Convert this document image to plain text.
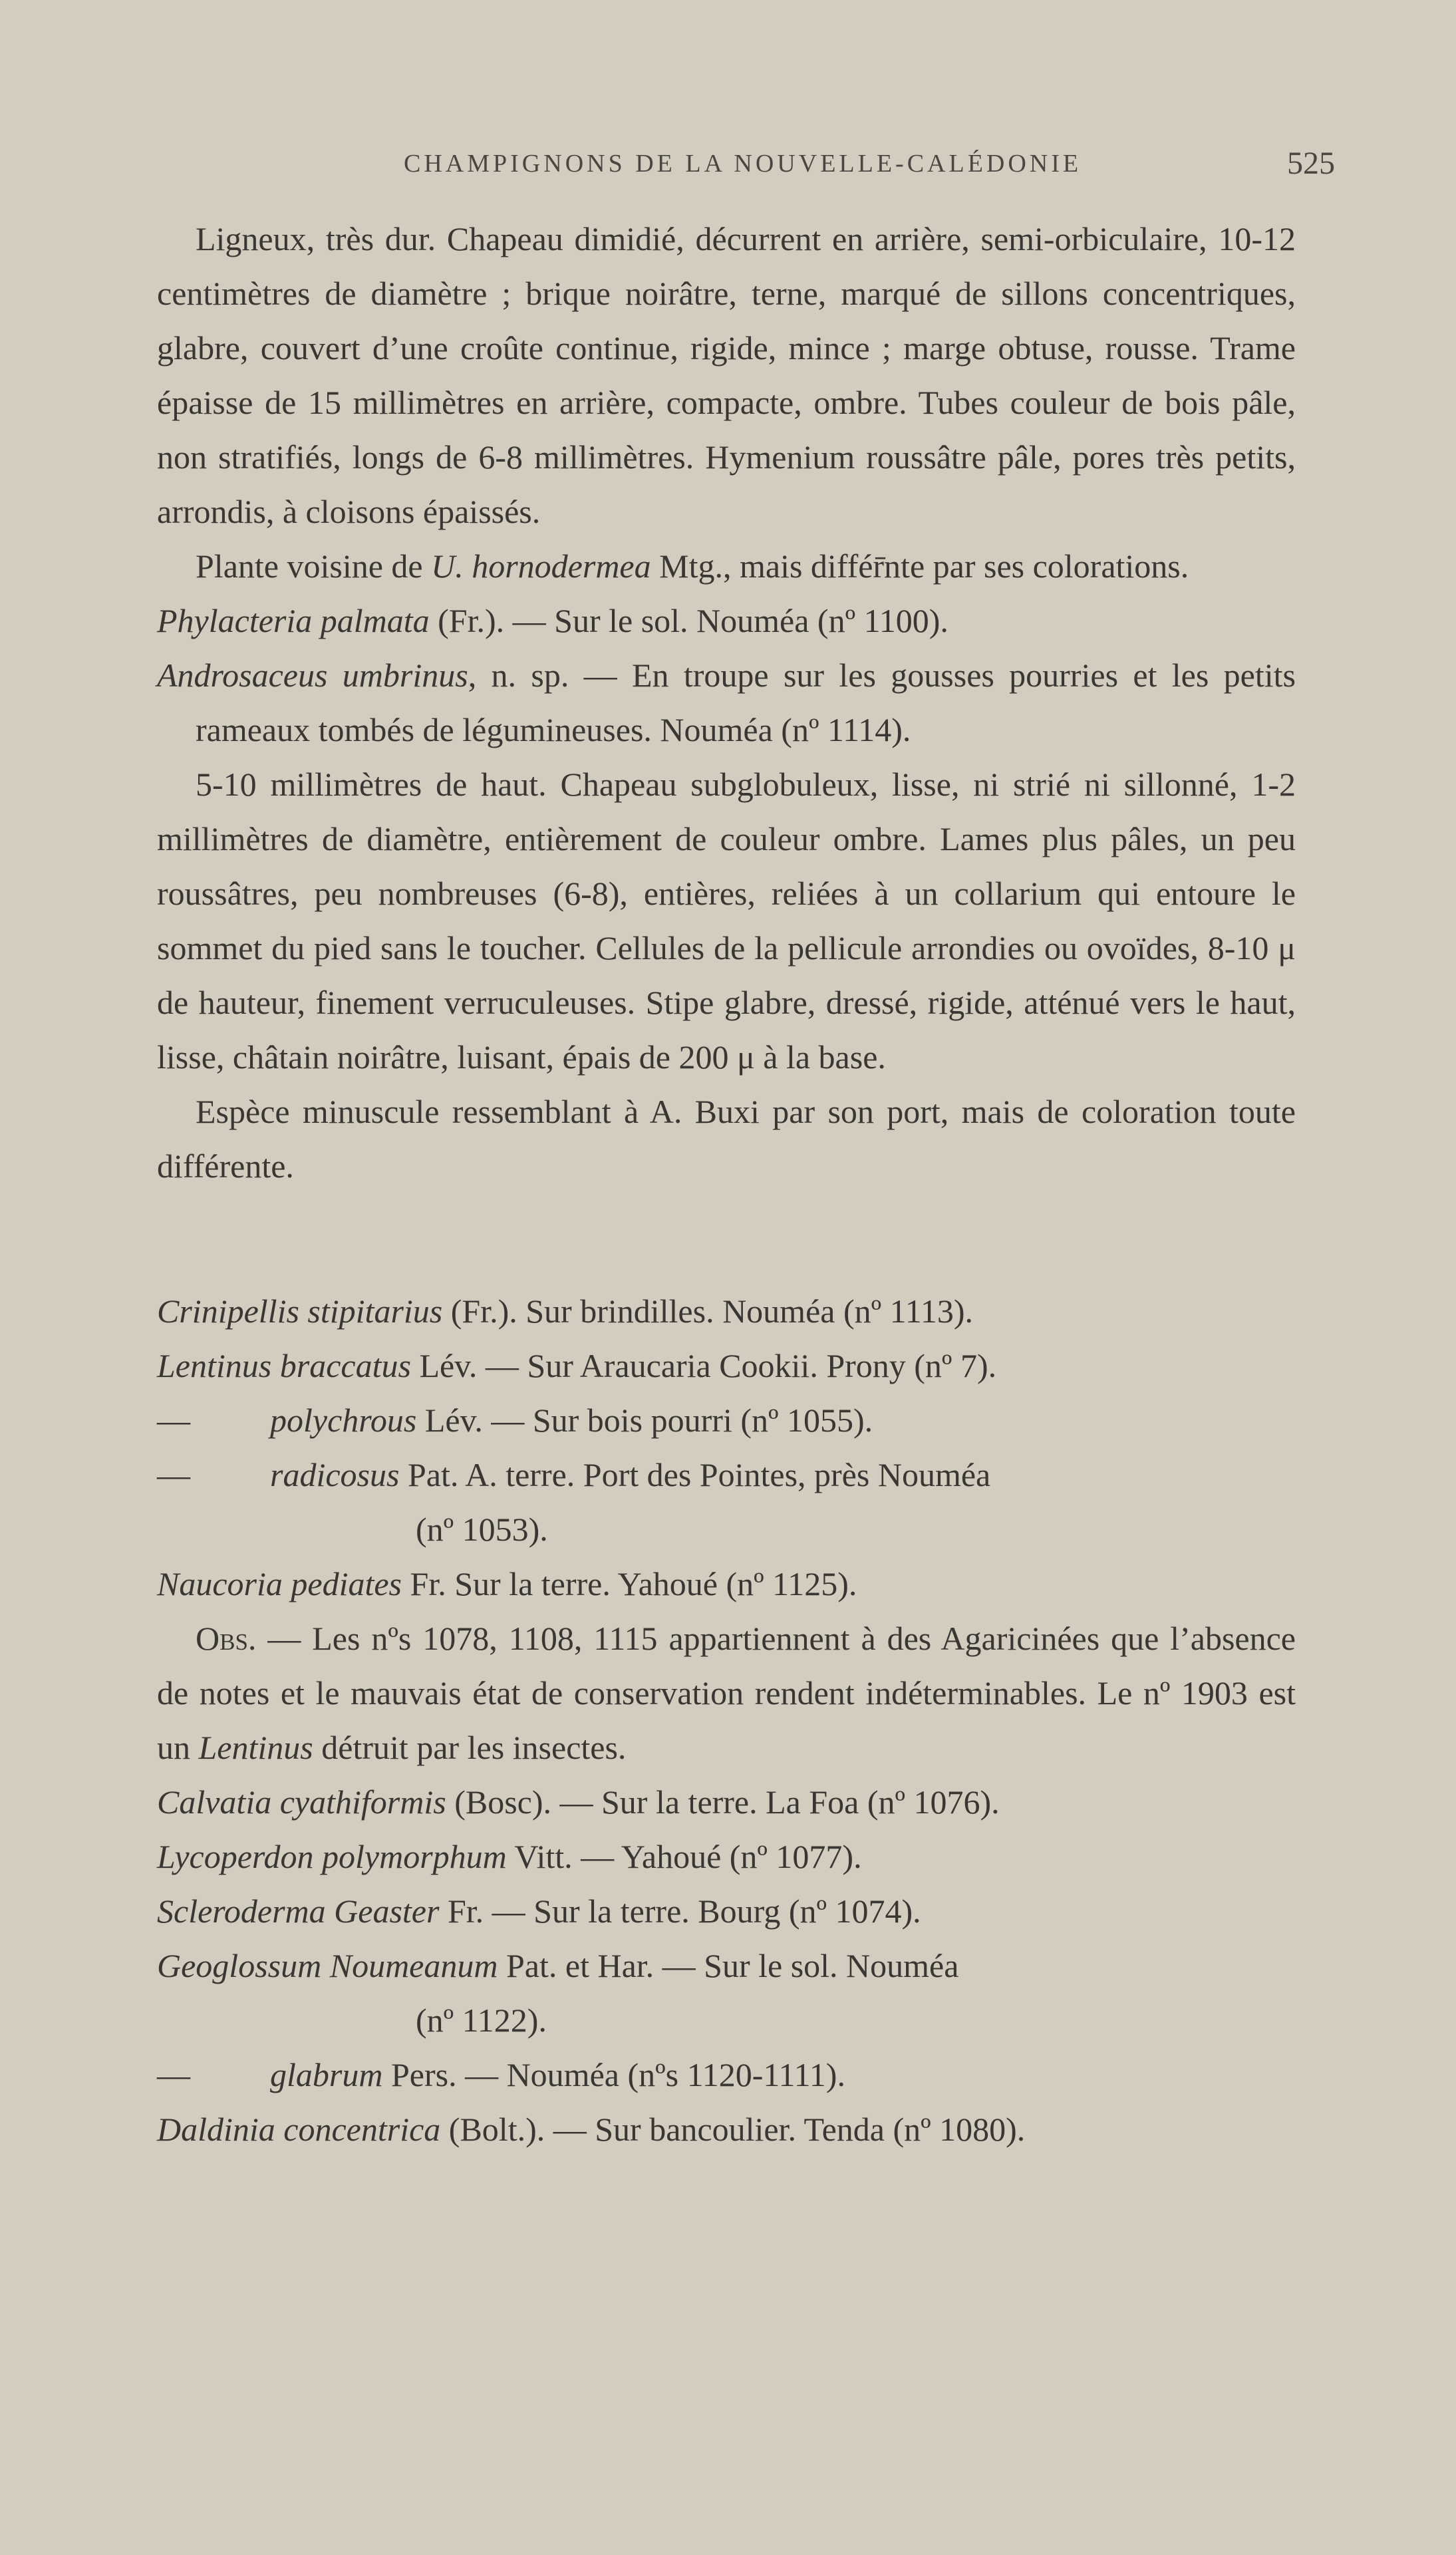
CHAMPIGNONS DE LA NOUVELLE-CALÉDONIE	525

Ligneux, très dur. Chapeau dimidié, décurrent en arrière, semi-orbiculaire, 10-12 centimètres de diamètre ; brique noirâtre, terne, marqué de sillons concentriques, glabre, couvert d’une croûte continue, rigide, mince ; marge obtuse, rousse. Trame épaisse de 15 millimètres en arrière, compacte, ombre. Tubes couleur de bois pâle, non stratifiés, longs de 6-8 millimètres. Hymenium roussâtre pâle, pores très petits, arrondis, à cloisons épaissés.

Plante voisine de U. hornodermea Mtg., mais différ̄nte par ses colorations.

Phylacteria palmata (Fr.). — Sur le sol. Nouméa (nº 1100).

Androsaceus umbrinus, n. sp. — En troupe sur les gousses pourries et les petits rameaux tombés de légumineuses. Nouméa (nº 1114).

5-10 millimètres de haut. Chapeau subglobuleux, lisse, ni strié ni sillonné, 1-2 millimètres de diamètre, entièrement de couleur ombre. Lames plus pâles, un peu roussâtres, peu nombreuses (6-8), entières, reliées à un collarium qui entoure le sommet du pied sans le toucher. Cellules de la pellicule arrondies ou ovoïdes, 8-10 μ de hauteur, finement verruculeuses. Stipe glabre, dressé, rigide, atténué vers le haut, lisse, châtain noirâtre, luisant, épais de 200 μ à la base.

Espèce minuscule ressemblant à A. Buxi par son port, mais de coloration toute différente.

Crinipellis stipitarius (Fr.). Sur brindilles. Nouméa (nº 1113).

Lentinus braccatus Lév. — Sur Araucaria Cookii. Prony (nº 7).

— polychrous Lév. — Sur bois pourri (nº 1055).

— radicosus Pat. A. terre. Port des Pointes, près Nouméa

(nº 1053).

Naucoria pediates Fr. Sur la terre. Yahoué (nº 1125).

Obs. — Les nºs 1078, 1108, 1115 appartiennent à des Agaricinées que l’absence de notes et le mauvais état de conservation rendent indéterminables. Le nº 1903 est un Lentinus détruit par les insectes.

Calvatia cyathiformis (Bosc). — Sur la terre. La Foa (nº 1076).

Lycoperdon polymorphum Vitt. — Yahoué (nº 1077).

Scleroderma Geaster Fr. — Sur la terre. Bourg (nº 1074).

Geoglossum Noumeanum Pat. et Har. — Sur le sol. Nouméa

(nº 1122).

— glabrum Pers. — Nouméa (nºs 1120-1111).

Daldinia concentrica (Bolt.). — Sur bancoulier. Tenda (nº 1080).
